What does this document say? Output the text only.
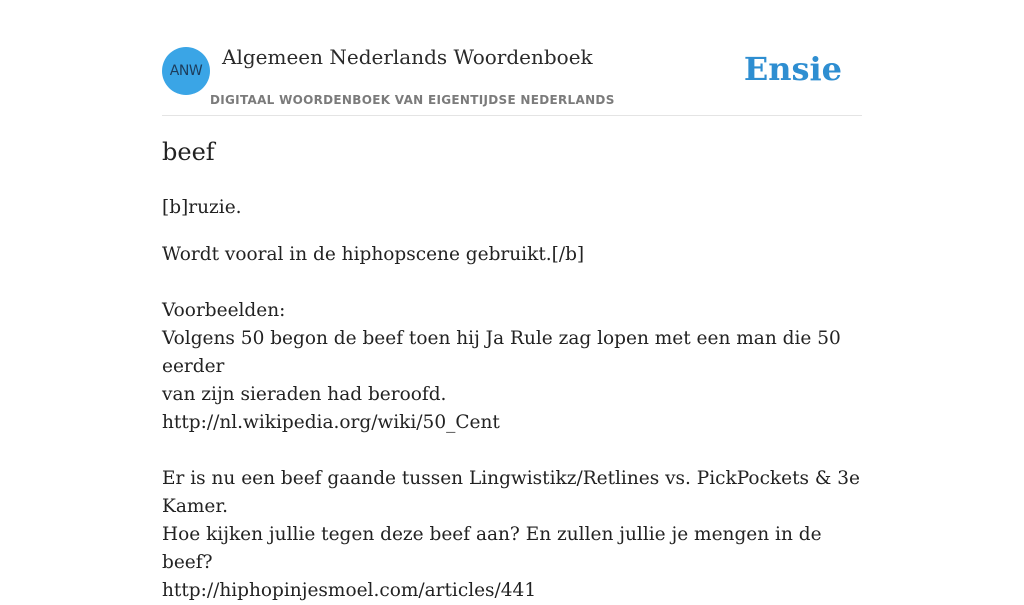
ANW
Algemeen Nederlands Woordenboek
DIGITAAL WOORDENBOEK VAN EIGENTIJDSE NEDERLANDS
Ensie
beef

[b]ruzie.

Wordt vooral in de hiphopscene gebruikt.[/b]
Voorbeelden:
Volgens 50 begon de beef toen hij Ja Rule zag lopen met een man die 50 eerder
van zijn sieraden had beroofd.
http://nl.wikipedia.org/wiki/50_Cent
Er is nu een beef gaande tussen Lingwistikz/Retlines vs. PickPockets & 3e Kamer.
Hoe kijken jullie tegen deze beef aan? En zullen jullie je mengen in de beef?
http://hiphopinjesmoel.com/articles/441
